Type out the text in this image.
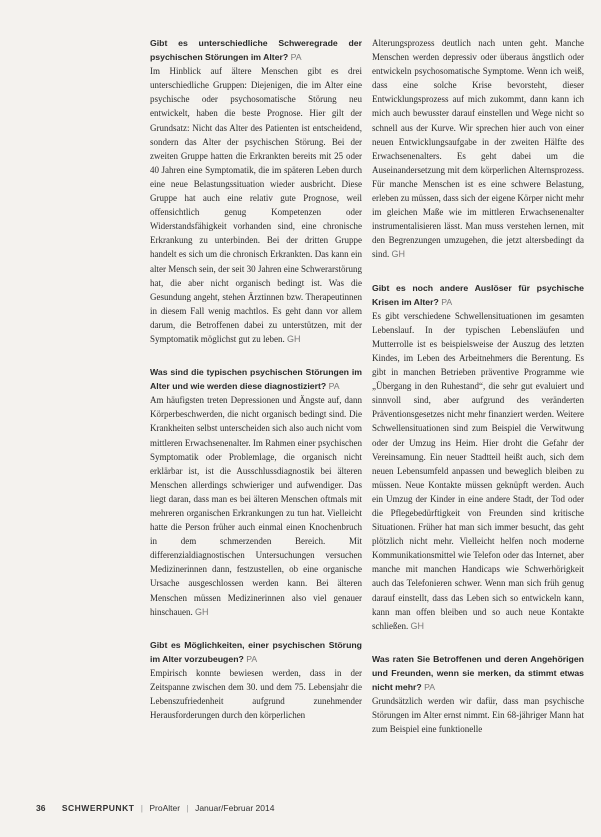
Gibt es unterschiedliche Schweregrade der psychischen Störungen im Alter? PA

Im Hinblick auf ältere Menschen gibt es drei unterschiedliche Gruppen: Diejenigen, die im Alter eine psychische oder psychosomatische Störung neu entwickelt, haben die beste Prognose. Hier gilt der Grundsatz: Nicht das Alter des Patienten ist entscheidend, sondern das Alter der psychischen Störung. Bei der zweiten Gruppe hatten die Erkrankten bereits mit 25 oder 40 Jahren eine Symptomatik, die im späteren Leben durch eine neue Belastungssituation wieder ausbricht. Diese Gruppe hat auch eine relativ gute Prognose, weil offensichtlich genug Kompetenzen oder Widerstandsfähigkeit vorhanden sind, eine chronische Erkrankung zu unterbinden. Bei der dritten Gruppe handelt es sich um die chronisch Erkrankten. Das kann ein alter Mensch sein, der seit 30 Jahren eine Schwerarstörung hat, die aber nicht organisch bedingt ist. Was die Gesundung angeht, stehen Ärztinnen bzw. Therapeutinnen in diesem Fall wenig machtlos. Es geht dann vor allem darum, die Betroffenen dabei zu unterstützen, mit der Symptomatik möglichst gut zu leben. GH

Was sind die typischen psychischen Störungen im Alter und wie werden diese diagnostiziert? PA

Am häufigsten treten Depressionen und Ängste auf, dann Körperbeschwerden, die nicht organisch bedingt sind. Die Krankheiten selbst unterscheiden sich also auch nicht vom mittleren Erwachsenenalter. Im Rahmen einer psychischen Symptomatik oder Problemlage, die organisch nicht erklärbar ist, ist die Ausschlussdiagnostik bei älteren Menschen allerdings schwieriger und aufwendiger. Das liegt daran, dass man es bei älteren Menschen oftmals mit mehreren organischen Erkrankungen zu tun hat. Vielleicht hatte die Person früher auch einmal einen Knochenbruch in dem schmerzenden Bereich. Mit differenzialdiagnostischen Untersuchungen versuchen Medizinerinnen dann, festzustellen, ob eine organische Ursache ausgeschlossen werden kann. Bei älteren Menschen müssen Medizinerinnen also viel genauer hinschauen. GH

Gibt es Möglichkeiten, einer psychischen Störung im Alter vorzubeugen? PA

Empirisch konnte bewiesen werden, dass in der Zeitspanne zwischen dem 30. und dem 75. Lebensjahr die Lebenszufriedenheit aufgrund zunehmender Herausforderungen durch den körperlichen

Alterungsprozess deutlich nach unten geht. Manche Menschen werden depressiv oder überaus ängstlich oder entwickeln psychosomatische Symptome. Wenn ich weiß, dass eine solche Krise bevorsteht, dieser Entwicklungsprozess auf mich zukommt, dann kann ich mich auch bewusster darauf einstellen und Wege nicht so schnell aus der Kurve. Wir sprechen hier auch von einer neuen Entwicklungsaufgabe in der zweiten Hälfte des Erwachsenenalters. Es geht dabei um die Auseinandersetzung mit dem körperlichen Alternsprozess. Für manche Menschen ist es eine schwere Belastung, erleben zu müssen, dass sich der eigene Körper nicht mehr im gleichen Maße wie im mittleren Erwachsenenalter instrumentalisieren lässt. Man muss verstehen lernen, mit den Begrenzungen umzugehen, die jetzt altersbedingt da sind. GH

Gibt es noch andere Auslöser für psychische Krisen im Alter? PA

Es gibt verschiedene Schwellensituationen im gesamten Lebenslauf. In der typischen Lebensläufen und Mutterrolle ist es beispielsweise der Auszug des letzten Kindes, im Leben des Arbeitnehmers die Berentung. Es gibt in manchen Betrieben präventive Programme wie „Übergang in den Ruhestand“, die sehr gut evaluiert und sinnvoll sind, aber aufgrund des veränderten Präventionsgesetzes nicht mehr finanziert werden. Weitere Schwellensituationen sind zum Beispiel die Verwitwung oder der Umzug ins Heim. Hier droht die Gefahr der Vereinsamung. Ein neuer Stadtteil heißt auch, sich dem neuen Lebensumfeld anpassen und beweglich bleiben zu müssen. Neue Kontakte müssen geknüpft werden. Auch ein Umzug der Kinder in eine andere Stadt, der Tod oder die Pflegebedürftigkeit von Freunden sind kritische Situationen. Früher hat man sich immer besucht, das geht plötzlich nicht mehr. Vielleicht helfen noch moderne Kommunikationsmittel wie Telefon oder das Internet, aber manche mit manchen Handicaps wie Schwerhörigkeit auch das Telefonieren schwer. Wenn man sich früh genug darauf einstellt, dass das Leben sich so entwickeln kann, kann man offen bleiben und so auch neue Kontakte schließen. GH

Was raten Sie Betroffenen und deren Angehörigen und Freunden, wenn sie merken, da stimmt etwas nicht mehr? PA

Grundsätzlich werden wir dafür, dass man psychische Störungen im Alter ernst nimmt. Ein 68-jähriger Mann hat zum Beispiel eine funktionelle

36 SCHWERPUNKT | ProAlter | Januar/Februar 2014
